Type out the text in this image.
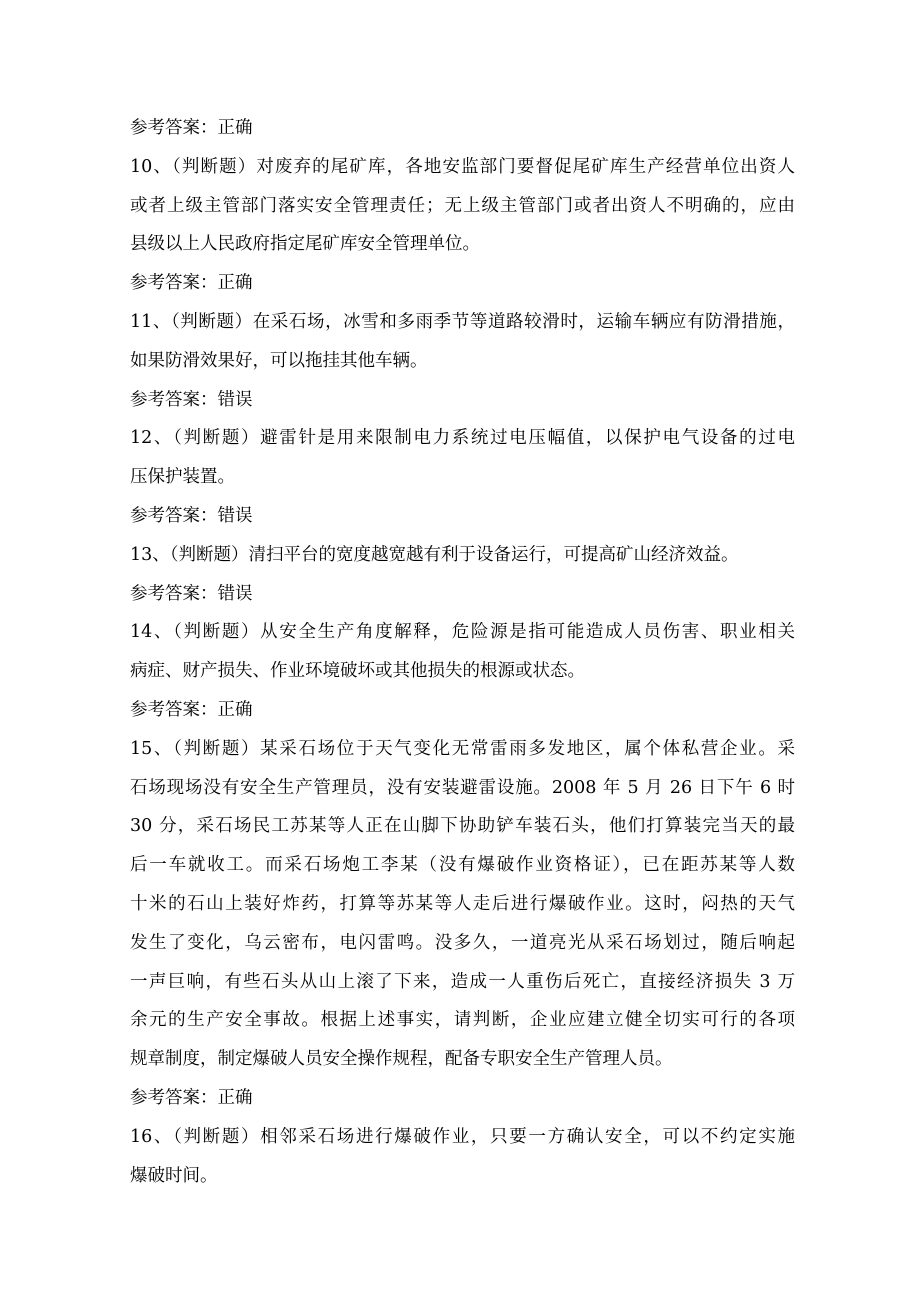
参考答案：正确
10、（判断题）对废弃的尾矿库，各地安监部门要督促尾矿库生产经营单位出资人
或者上级主管部门落实安全管理责任；无上级主管部门或者出资人不明确的，应由
县级以上人民政府指定尾矿库安全管理单位。
参考答案：正确
11、（判断题）在采石场，冰雪和多雨季节等道路较滑时，运输车辆应有防滑措施，
如果防滑效果好，可以拖挂其他车辆。
参考答案：错误
12、（判断题）避雷针是用来限制电力系统过电压幅值，以保护电气设备的过电
压保护装置。
参考答案：错误
13、（判断题）清扫平台的宽度越宽越有利于设备运行，可提高矿山经济效益。
参考答案：错误
14、（判断题）从安全生产角度解释，危险源是指可能造成人员伤害、职业相关
病症、财产损失、作业环境破坏或其他损失的根源或状态。
参考答案：正确
15、（判断题）某采石场位于天气变化无常雷雨多发地区，属个体私营企业。采
石场现场没有安全生产管理员，没有安装避雷设施。2008 年 5 月 26 日下午 6 时
30 分，采石场民工苏某等人正在山脚下协助铲车装石头，他们打算装完当天的最
后一车就收工。而采石场炮工李某（没有爆破作业资格证），已在距苏某等人数
十米的石山上装好炸药，打算等苏某等人走后进行爆破作业。这时，闷热的天气
发生了变化，乌云密布，电闪雷鸣。没多久，一道亮光从采石场划过，随后响起
一声巨响，有些石头从山上滚了下来，造成一人重伤后死亡，直接经济损失 3 万
余元的生产安全事故。根据上述事实，请判断，企业应建立健全切实可行的各项
规章制度，制定爆破人员安全操作规程，配备专职安全生产管理人员。
参考答案：正确
16、（判断题）相邻采石场进行爆破作业，只要一方确认安全，可以不约定实施
爆破时间。
